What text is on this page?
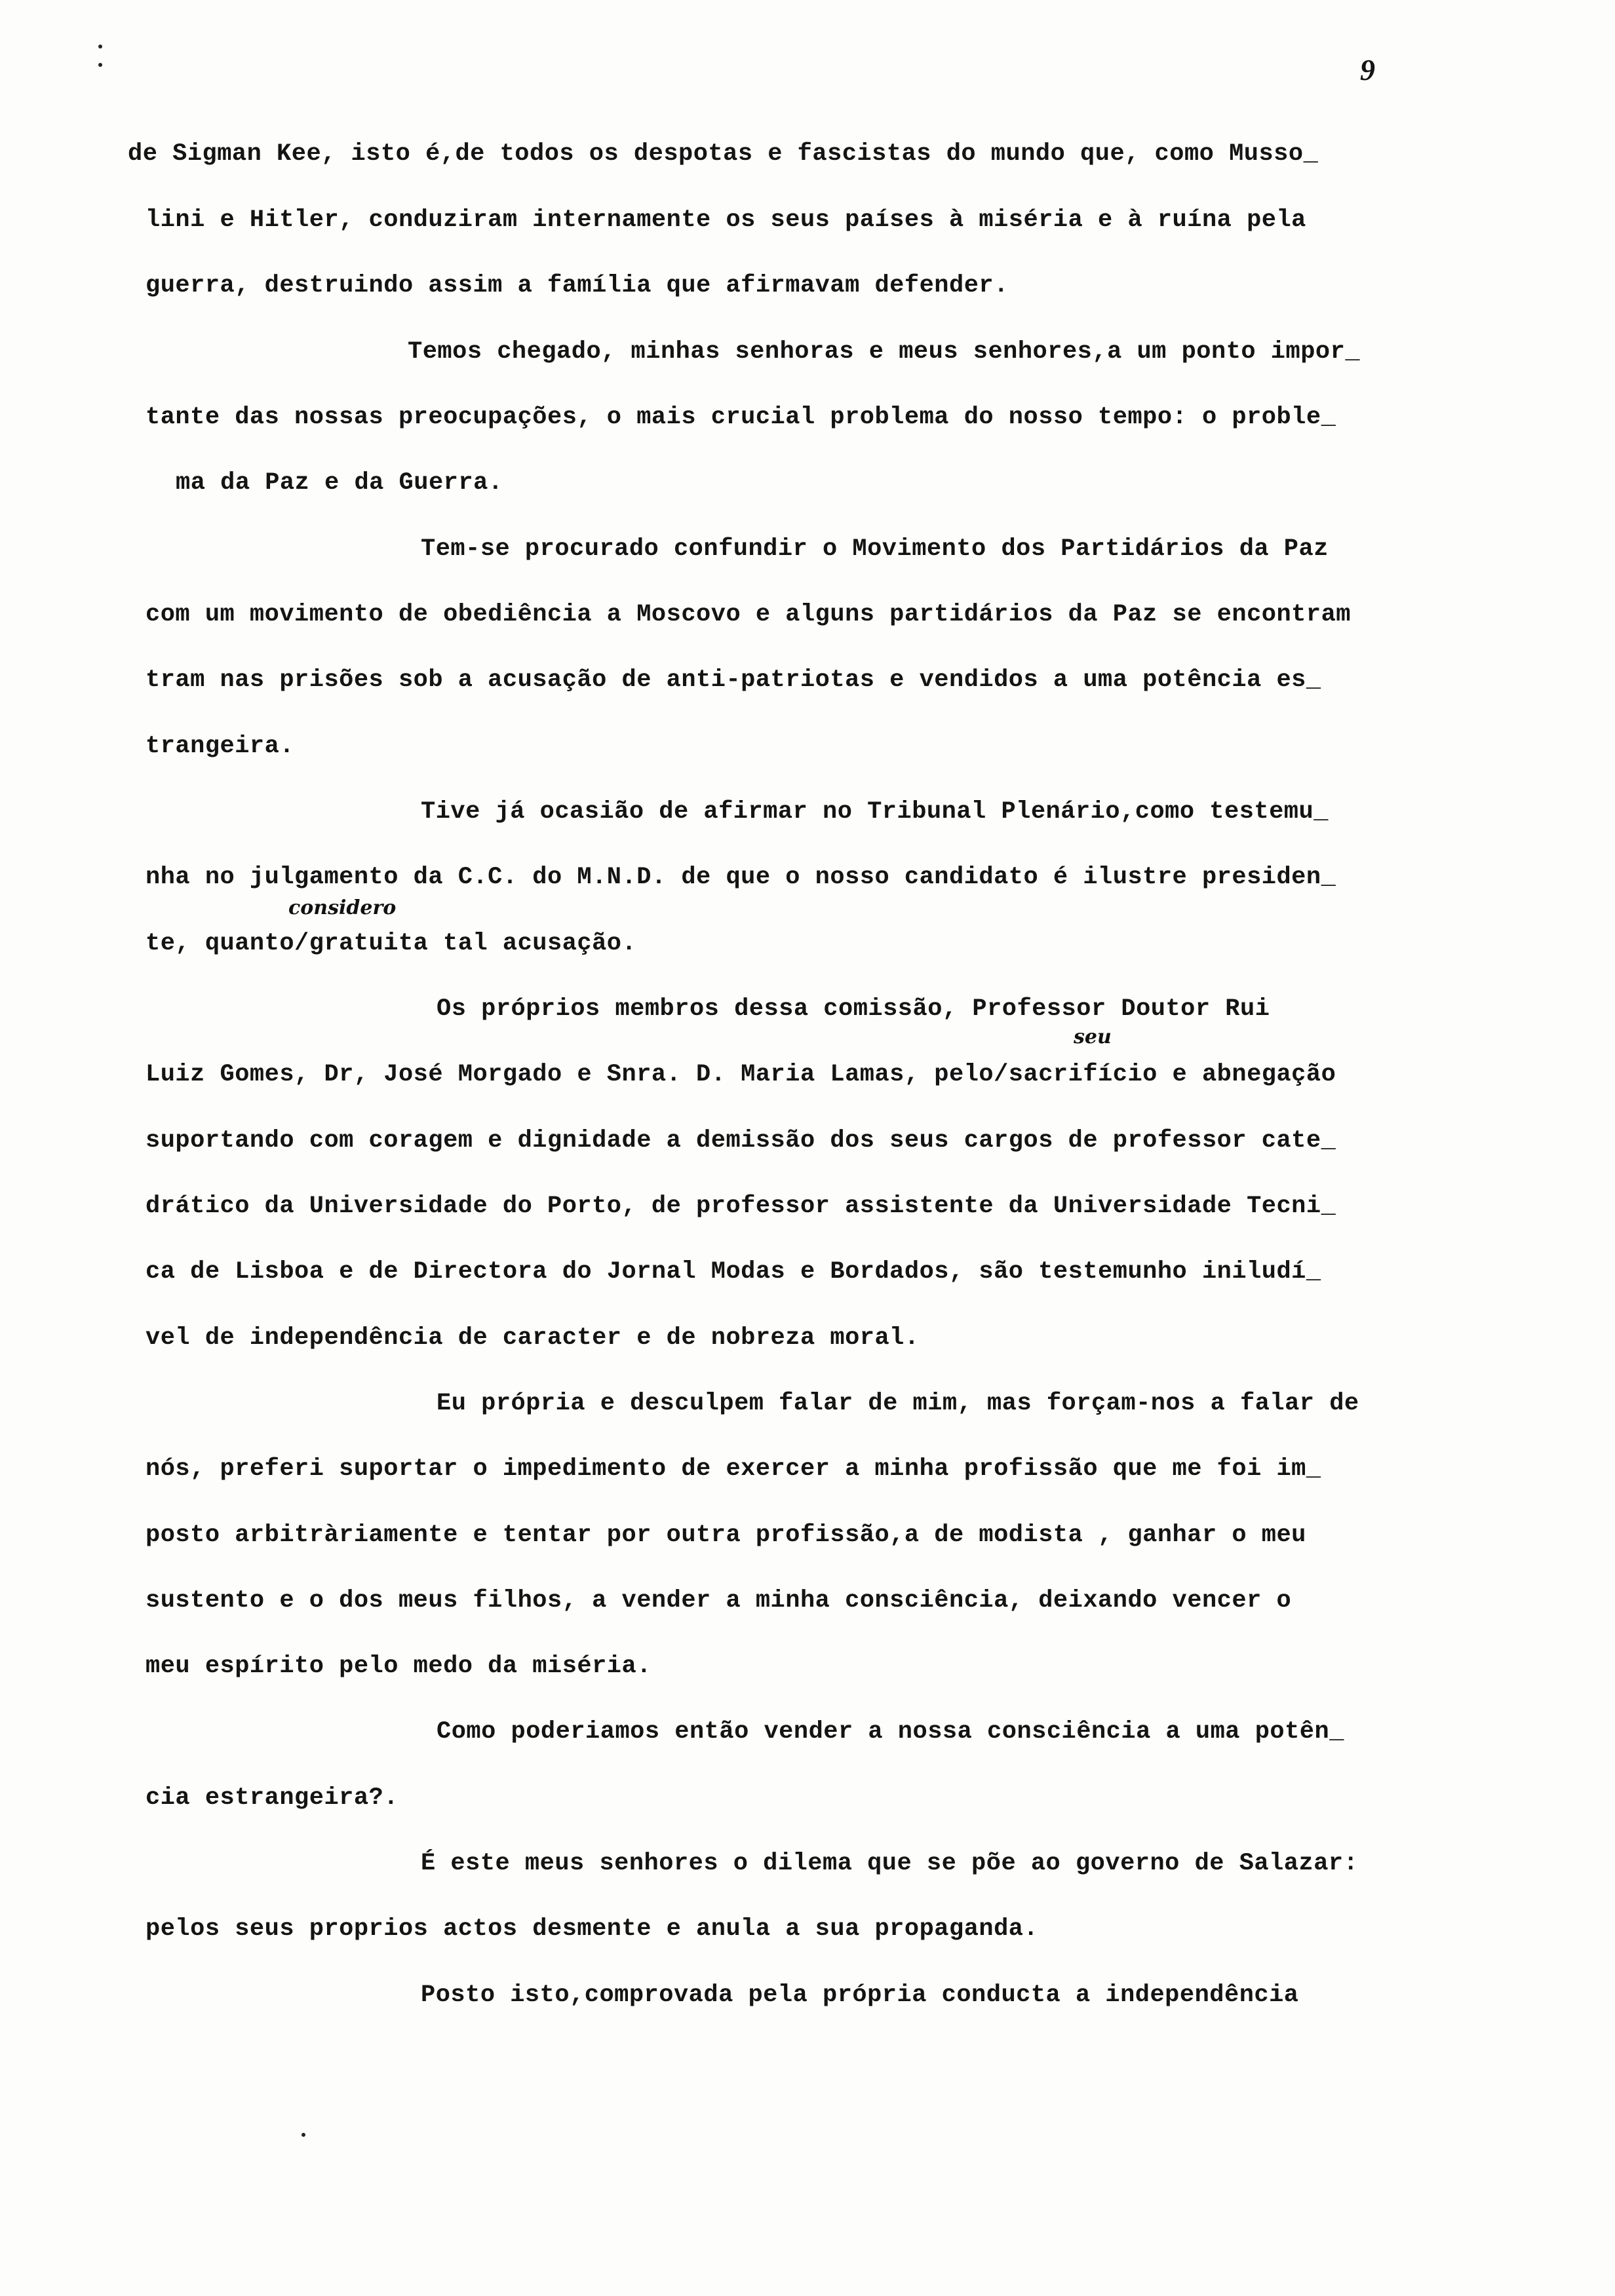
9
de Sigman Kee, isto é,de todos os despotas e fascistas do mundo que, como Musso_
lini e Hitler, conduziram internamente os seus países à miséria e à ruína pela
guerra, destruindo assim a família que afirmavam defender.
Temos chegado, minhas senhoras e meus senhores,a um ponto impor_
tante das nossas preocupações, o mais crucial problema do nosso tempo: o proble_
ma da Paz e da Guerra.
Tem-se procurado confundir o Movimento dos Partidários da Paz
com um movimento de obediência a Moscovo e alguns partidários da Paz se encontram
tram nas prisões sob a acusação de anti-patriotas e vendidos a uma potência es_
trangeira.
Tive já ocasião de afirmar no Tribunal Plenário,como testemu_
nha no julgamento da C.C. do M.N.D. de que o nosso candidato é ilustre presiden_
considero
te, quanto/gratuita tal acusação.
Os próprios membros dessa comissão, Professor Doutor Rui
seu
Luiz Gomes, Dr, José Morgado e Snra. D. Maria Lamas, pelo/sacrifício e abnegação
suportando com coragem e dignidade a demissão dos seus cargos de professor cate_
drático da Universidade do Porto, de professor assistente da Universidade Tecni_
ca de Lisboa e de Directora do Jornal Modas e Bordados, são testemunho iniludí_
vel de independência de caracter e de nobreza moral.
Eu própria e desculpem falar de mim, mas forçam-nos a falar de
nós, preferi suportar o impedimento de exercer a minha profissão que me foi im_
posto arbitràriamente e tentar por outra profissão,a de modista , ganhar o meu
sustento e o dos meus filhos, a vender a minha consciência, deixando vencer o
meu espírito pelo medo da miséria.
Como poderiamos então vender a nossa consciência a uma potên_
cia estrangeira?.
É este meus senhores o dilema que se põe ao governo de Salazar:
pelos seus proprios actos desmente e anula a sua propaganda.
Posto isto,comprovada pela própria conducta a independência
